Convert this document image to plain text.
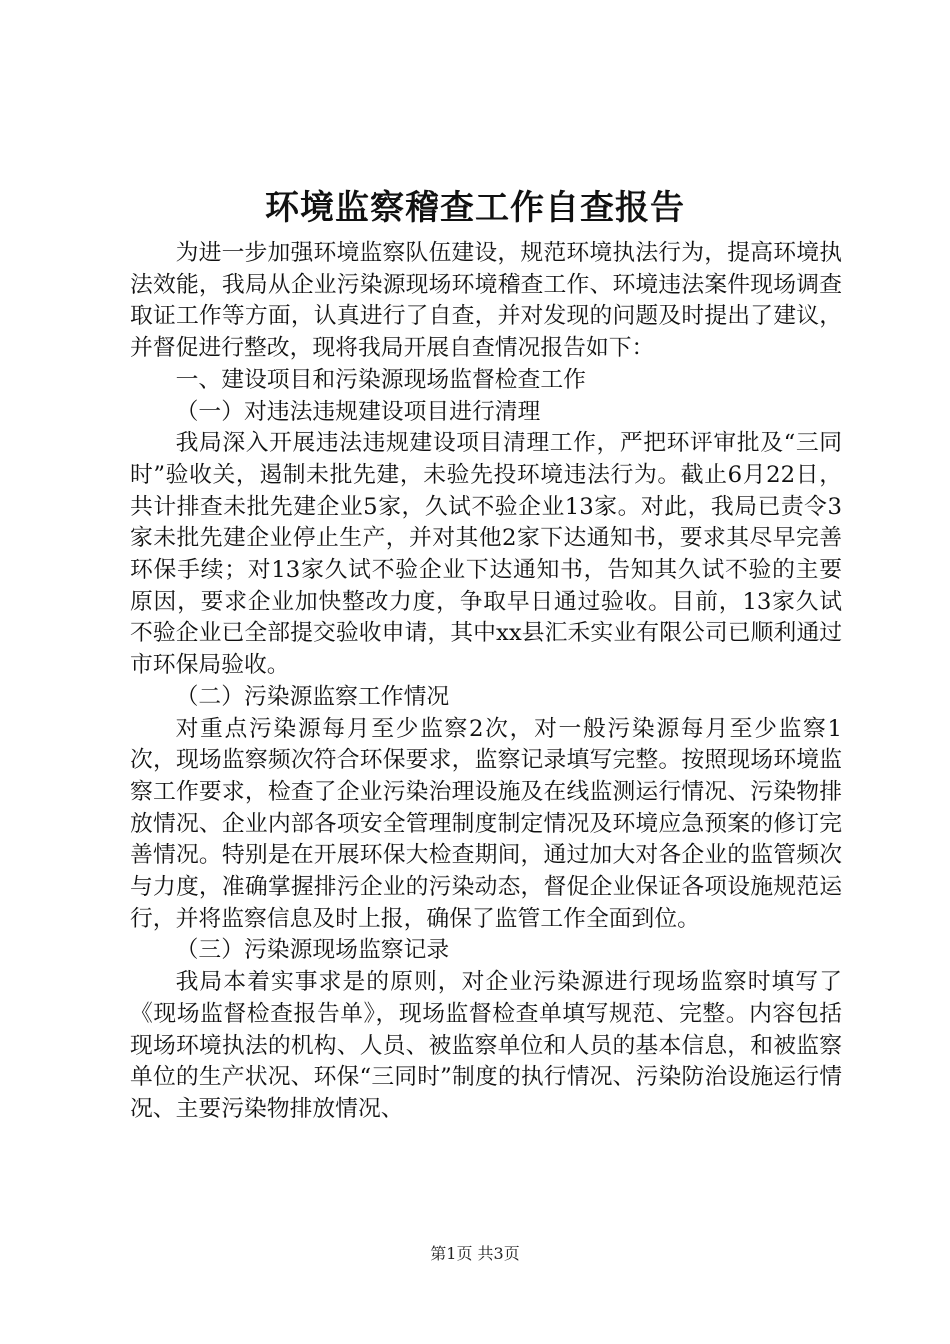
环境监察稽查工作自查报告

为进一步加强环境监察队伍建设，规范环境执法行为，提高环境执法效能，我局从企业污染源现场环境稽查工作、环境违法案件现场调查取证工作等方面，认真进行了自查，并对发现的问题及时提出了建议，并督促进行整改，现将我局开展自查情况报告如下：

一、建设项目和污染源现场监督检查工作

（一）对违法违规建设项目进行清理

我局深入开展违法违规建设项目清理工作，严把环评审批及“三同时”验收关，遏制未批先建，未验先投环境违法行为。截止6月22日，共计排查未批先建企业5家，久试不验企业13家。对此，我局已责令3家未批先建企业停止生产，并对其他2家下达通知书，要求其尽早完善环保手续；对13家久试不验企业下达通知书，告知其久试不验的主要原因，要求企业加快整改力度，争取早日通过验收。目前，13家久试不验企业已全部提交验收申请，其中xx县汇禾实业有限公司已顺利通过市环保局验收。

（二）污染源监察工作情况

对重点污染源每月至少监察2次，对一般污染源每月至少监察1次，现场监察频次符合环保要求，监察记录填写完整。按照现场环境监察工作要求，检查了企业污染治理设施及在线监测运行情况、污染物排放情况、企业内部各项安全管理制度制定情况及环境应急预案的修订完善情况。特别是在开展环保大检查期间，通过加大对各企业的监管频次与力度，准确掌握排污企业的污染动态，督促企业保证各项设施规范运行，并将监察信息及时上报，确保了监管工作全面到位。

（三）污染源现场监察记录

我局本着实事求是的原则，对企业污染源进行现场监察时填写了《现场监督检查报告单》，现场监督检查单填写规范、完整。内容包括现场环境执法的机构、人员、被监察单位和人员的基本信息，和被监察单位的生产状况、环保“三同时”制度的执行情况、污染防治设施运行情况、主要污染物排放情况、

第1页 共3页
